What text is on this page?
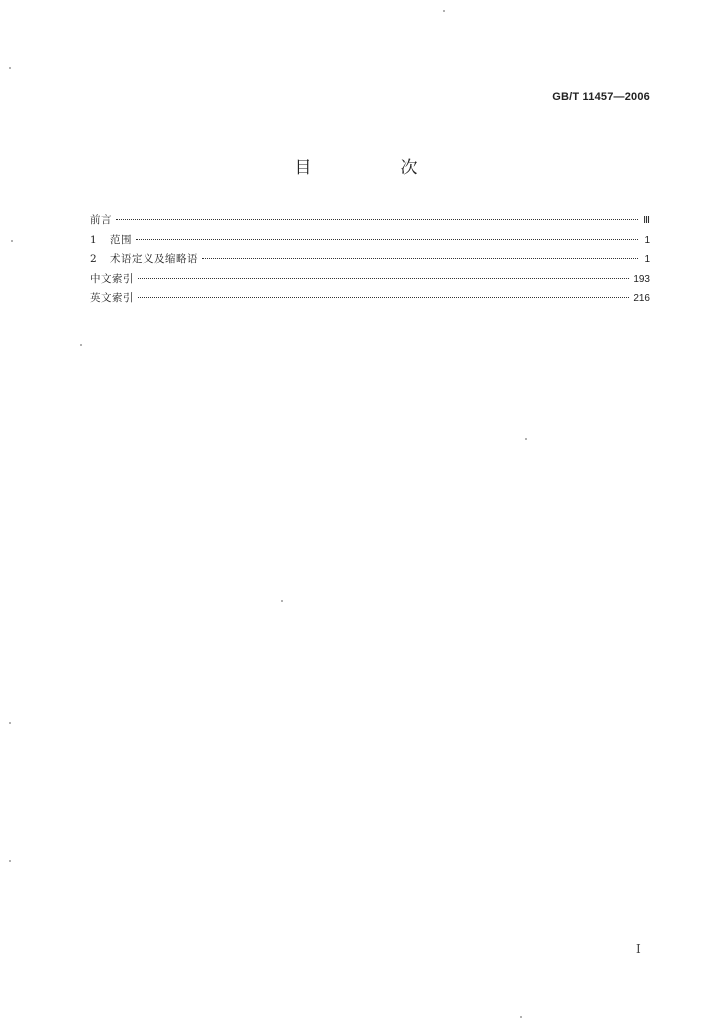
GB/T 11457—2006
目　次
前言	Ⅲ
1	范围	1
2	术语定义及缩略语	1
中文索引	193
英文索引	216
I
